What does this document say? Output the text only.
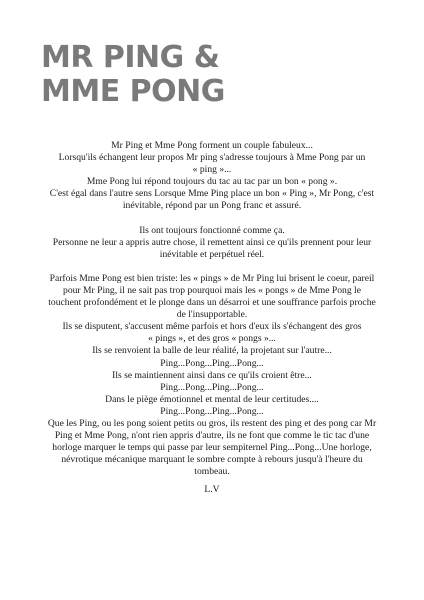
MR PING &
MME PONG

Mr Ping et Mme Pong forment un couple fabuleux...

Lorsqu'ils échangent leur propos Mr ping s'adresse toujours à Mme Pong par un

« ping »...

Mme Pong lui répond toujours du tac au tac par un bon « pong ».

C'est égal dans l'autre sens Lorsque Mme Ping place un bon « Ping », Mr Pong, c'est

inévitable, répond par un Pong franc et assuré.

Ils ont toujours fonctionné comme ça.

Personne ne leur a appris autre chose, il remettent ainsi ce qu'ils prennent pour leur

inévitable et perpétuel réel.

Parfois Mme Pong est bien triste: les « pings » de Mr Ping lui brisent le coeur, pareil

pour Mr Ping, il ne sait pas trop pourquoi mais les « pongs » de Mme Pong le

touchent profondément et le plonge dans un désarroi et une souffrance parfois proche

de l'insupportable.

Ils se disputent, s'accusent même parfois et hors d'eux ils s'échangent des gros

« pings », et des gros « pongs »...

Ils se renvoient la balle de leur réalité, la projetant sur l'autre...

Ping...Pong...Ping...Pong...

Ils se maintiennent ainsi dans ce qu'ils croient être...

Ping...Pong...Ping...Pong...

Dans le piège émotionnel et mental de leur certitudes....

Ping...Pong...Ping...Pong...

Que les Ping, ou les pong soient petits ou gros, ils restent des ping et des pong car Mr

Ping et Mme Pong, n'ont rien appris d'autre, ils ne font que comme le tic tac d'une

horloge marquer le temps qui passe par leur sempiternel Ping...Pong...Une horloge,

névrotique mécanique marquant le sombre compte à rebours jusqu'à l'heure du

tombeau.

L.V
